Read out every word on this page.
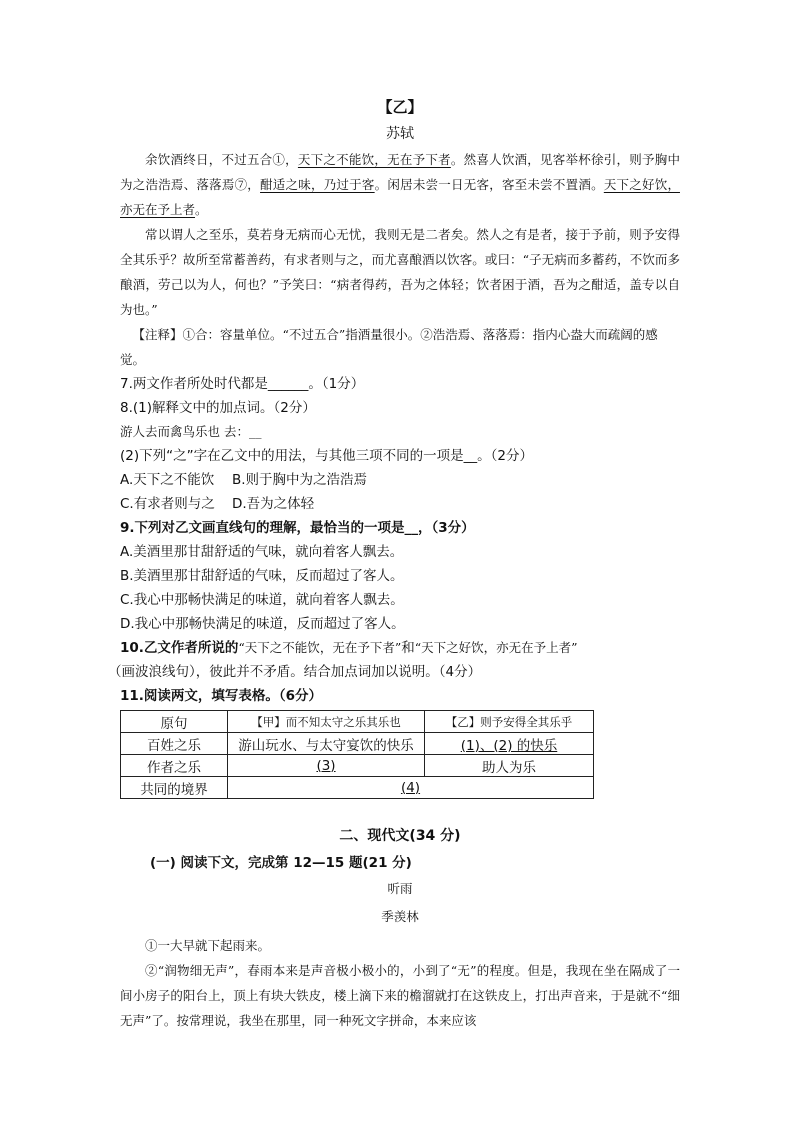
【乙】
苏轼

余饮酒终日，不过五合①，天下之不能饮，无在予下者。然喜人饮酒，见客举杯徐引，则予胸中为之浩浩焉、落落焉⑦，酣适之味，乃过于客。闲居未尝一日无客，客至未尝不置酒。天下之好饮，亦无在予上者。

常以谓人之至乐，莫若身无病而心无忧，我则无是二者矣。然人之有是者，接于予前，则予安得全其乐乎？故所至常蓄善药，有求者则与之，而尤喜酿酒以饮客。或曰：“子无病而多蓄药，不饮而多酿酒，劳己以为人，何也？”予笑曰：“病者得药，吾为之体轻；饮者困于酒，吾为之酣适，盖专以自为也。”

【注释】①合：容量单位。“不过五合”指酒量很小。②浩浩焉、落落焉：指内心盎大而疏阔的感觉。

7.两文作者所处时代都是______。（1分）

8.(1)解释文中的加点词。（2分）

游人去而禽鸟乐也 去：__

(2)下列“之”字在乙文中的用法，与其他三项不同的一项是__。（2分）

A.天下之不能饮 B.则于胸中为之浩浩焉

C.有求者则与之 D.吾为之体轻

9.下列对乙文画直线句的理解，最恰当的一项是__，（3分）

A.美酒里那甘甜舒适的气味，就向着客人飘去。

B.美酒里那甘甜舒适的气味，反而超过了客人。

C.我心中那畅快满足的味道，就向着客人飘去。

D.我心中那畅快满足的味道，反而超过了客人。

10.乙文作者所说的“天下之不能饮，无在予下者”和“天下之好饮，亦无在予上者”

（画波浪线句），彼此并不矛盾。结合加点词加以说明。（4分）

11.阅读两文，填写表格。（6分）

原句	【甲】而不知太守之乐其乐也	【乙】则予安得全其乐乎
百姓之乐	游山玩水、与太守宴饮的快乐	(1)、(2) 的快乐
作者之乐	(3)	助人为乐
共同的境界	(4)	
二、现代文(34 分)
(一) 阅读下文，完成第 12—15 题(21 分)
听雨
季羡林

①一大早就下起雨来。

②“润物细无声”，春雨本来是声音极小极小的，小到了“无”的程度。但是，我现在坐在隔成了一间小房子的阳台上，顶上有块大铁皮，楼上滴下来的檐溜就打在这铁皮上，打出声音来，于是就不“细无声”了。按常理说，我坐在那里，同一种死文字拼命，本来应该
